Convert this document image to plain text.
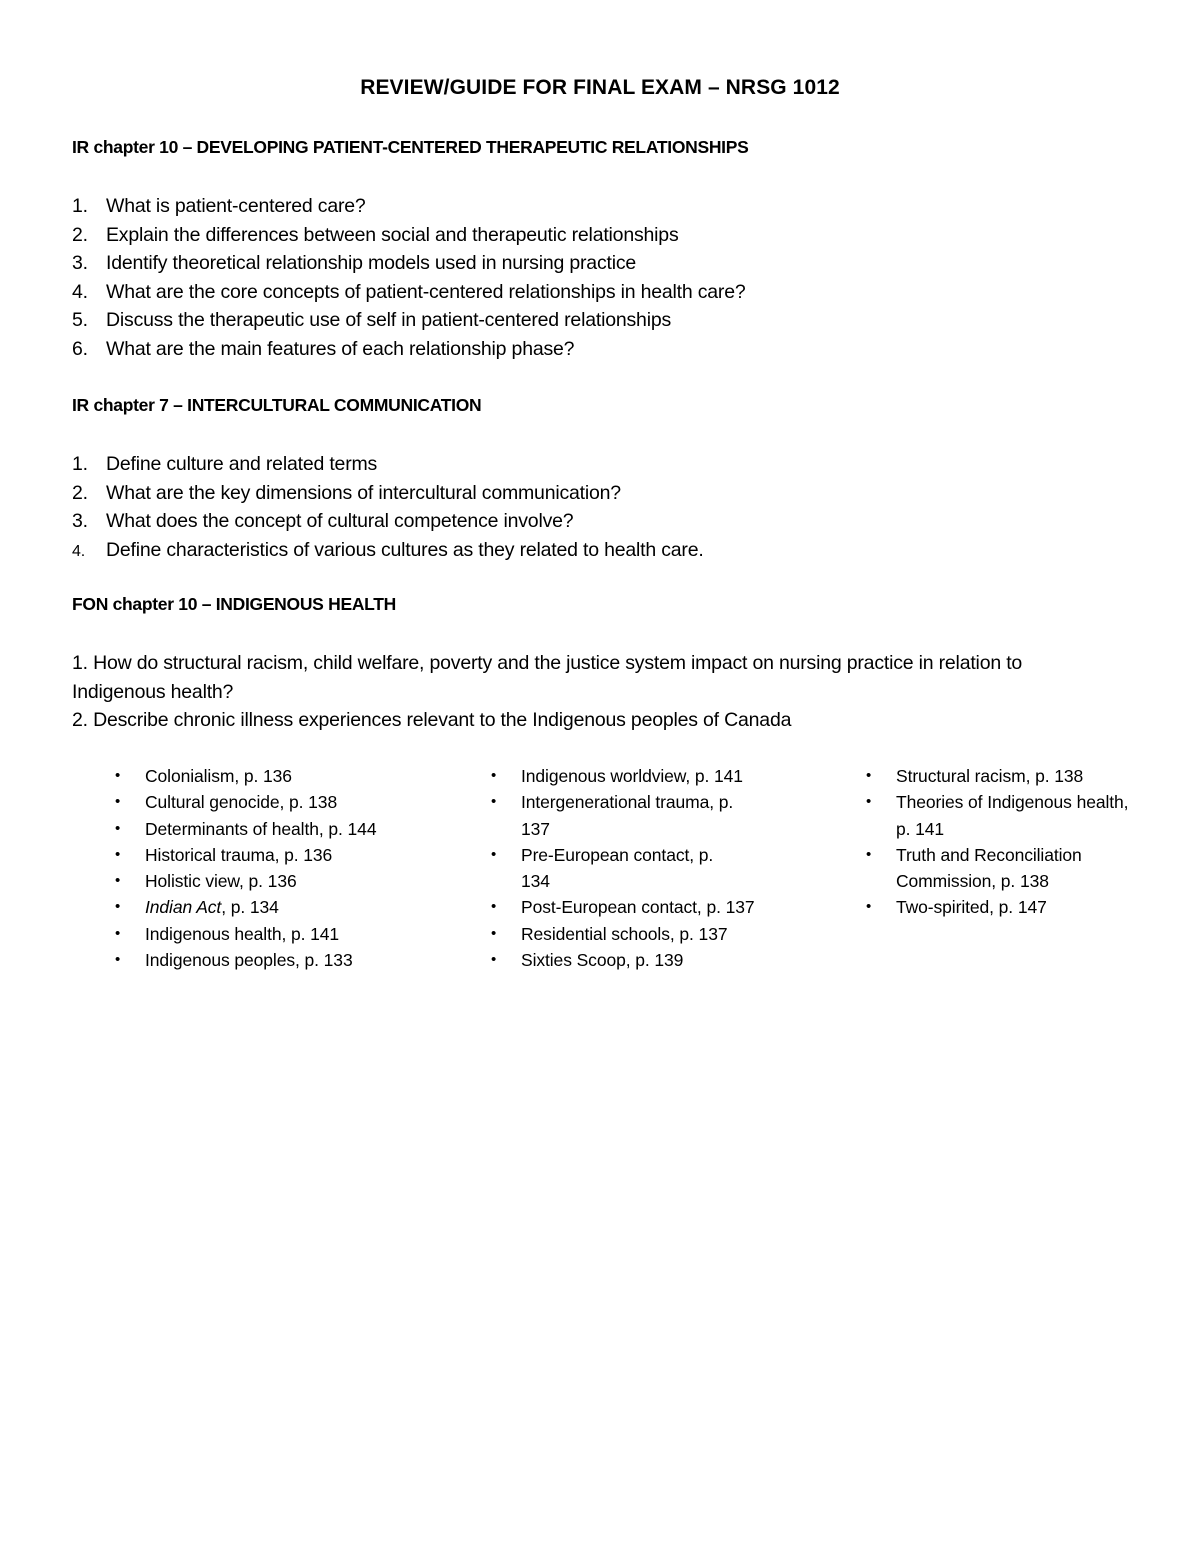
REVIEW/GUIDE FOR FINAL EXAM – NRSG 1012
IR chapter 10 – DEVELOPING PATIENT-CENTERED THERAPEUTIC RELATIONSHIPS
1. What is patient-centered care?
2. Explain the differences between social and therapeutic relationships
3. Identify theoretical relationship models used in nursing practice
4. What are the core concepts of patient-centered relationships in health care?
5. Discuss the therapeutic use of self in patient-centered relationships
6. What are the main features of each relationship phase?
IR chapter 7 – INTERCULTURAL COMMUNICATION
1. Define culture and related terms
2. What are the key dimensions of intercultural communication?
3. What does the concept of cultural competence involve?
4. Define characteristics of various cultures as they related to health care.
FON chapter 10 – INDIGENOUS HEALTH
1. How do structural racism, child welfare, poverty and the justice system impact on nursing practice in relation to Indigenous health?
2. Describe chronic illness experiences relevant to the Indigenous peoples of Canada
• Colonialism, p. 136
• Cultural genocide, p. 138
• Determinants of health, p. 144
• Historical trauma, p. 136
• Holistic view, p. 136
• Indian Act, p. 134
• Indigenous health, p. 141
• Indigenous peoples, p. 133
• Indigenous worldview, p. 141
• Intergenerational trauma, p. 137
• Pre-European contact, p. 134
• Post-European contact, p. 137
• Residential schools, p. 137
• Sixties Scoop, p. 139
• Structural racism, p. 138
• Theories of Indigenous health, p. 141
• Truth and Reconciliation Commission, p. 138
• Two-spirited, p. 147
